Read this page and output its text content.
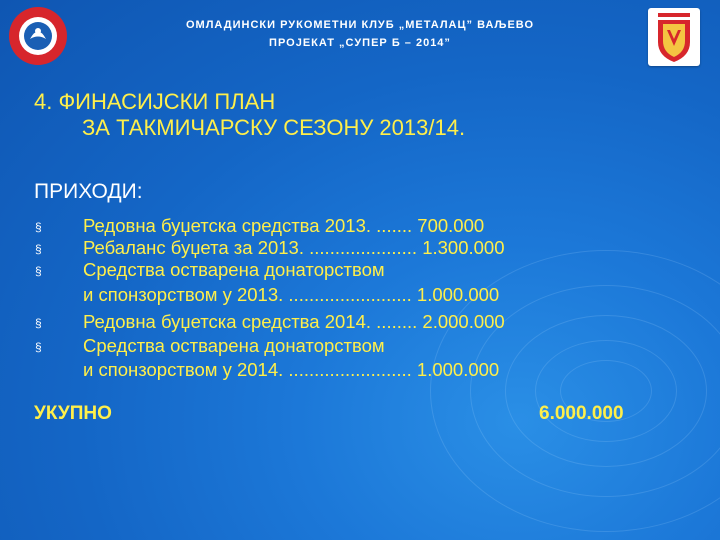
ОМЛАДИНСКИ РУКОМЕТНИ КЛУБ „МЕТАЛАЦ” ВАЉЕВО
ПРОЈЕКАТ „СУПЕР Б – 2014”
4. ФИНАСИЈСКИ ПЛАН
ЗА ТАКМИЧАРСКУ СЕЗОНУ 2013/14.
ПРИХОДИ:
§ Редовна буџетска средства 2013. ....... 700.000
§ Ребаланс буџета за 2013. ..................... 1.300.000
§ Средства остварена донаторством
и спонзорством у 2013. ........................ 1.000.000
§ Редовна буџетска средства 2014. ........ 2.000.000
§ Средства остварена донаторством
и спонзорством у 2014. ........................ 1.000.000
УКУПНО	6.000.000
